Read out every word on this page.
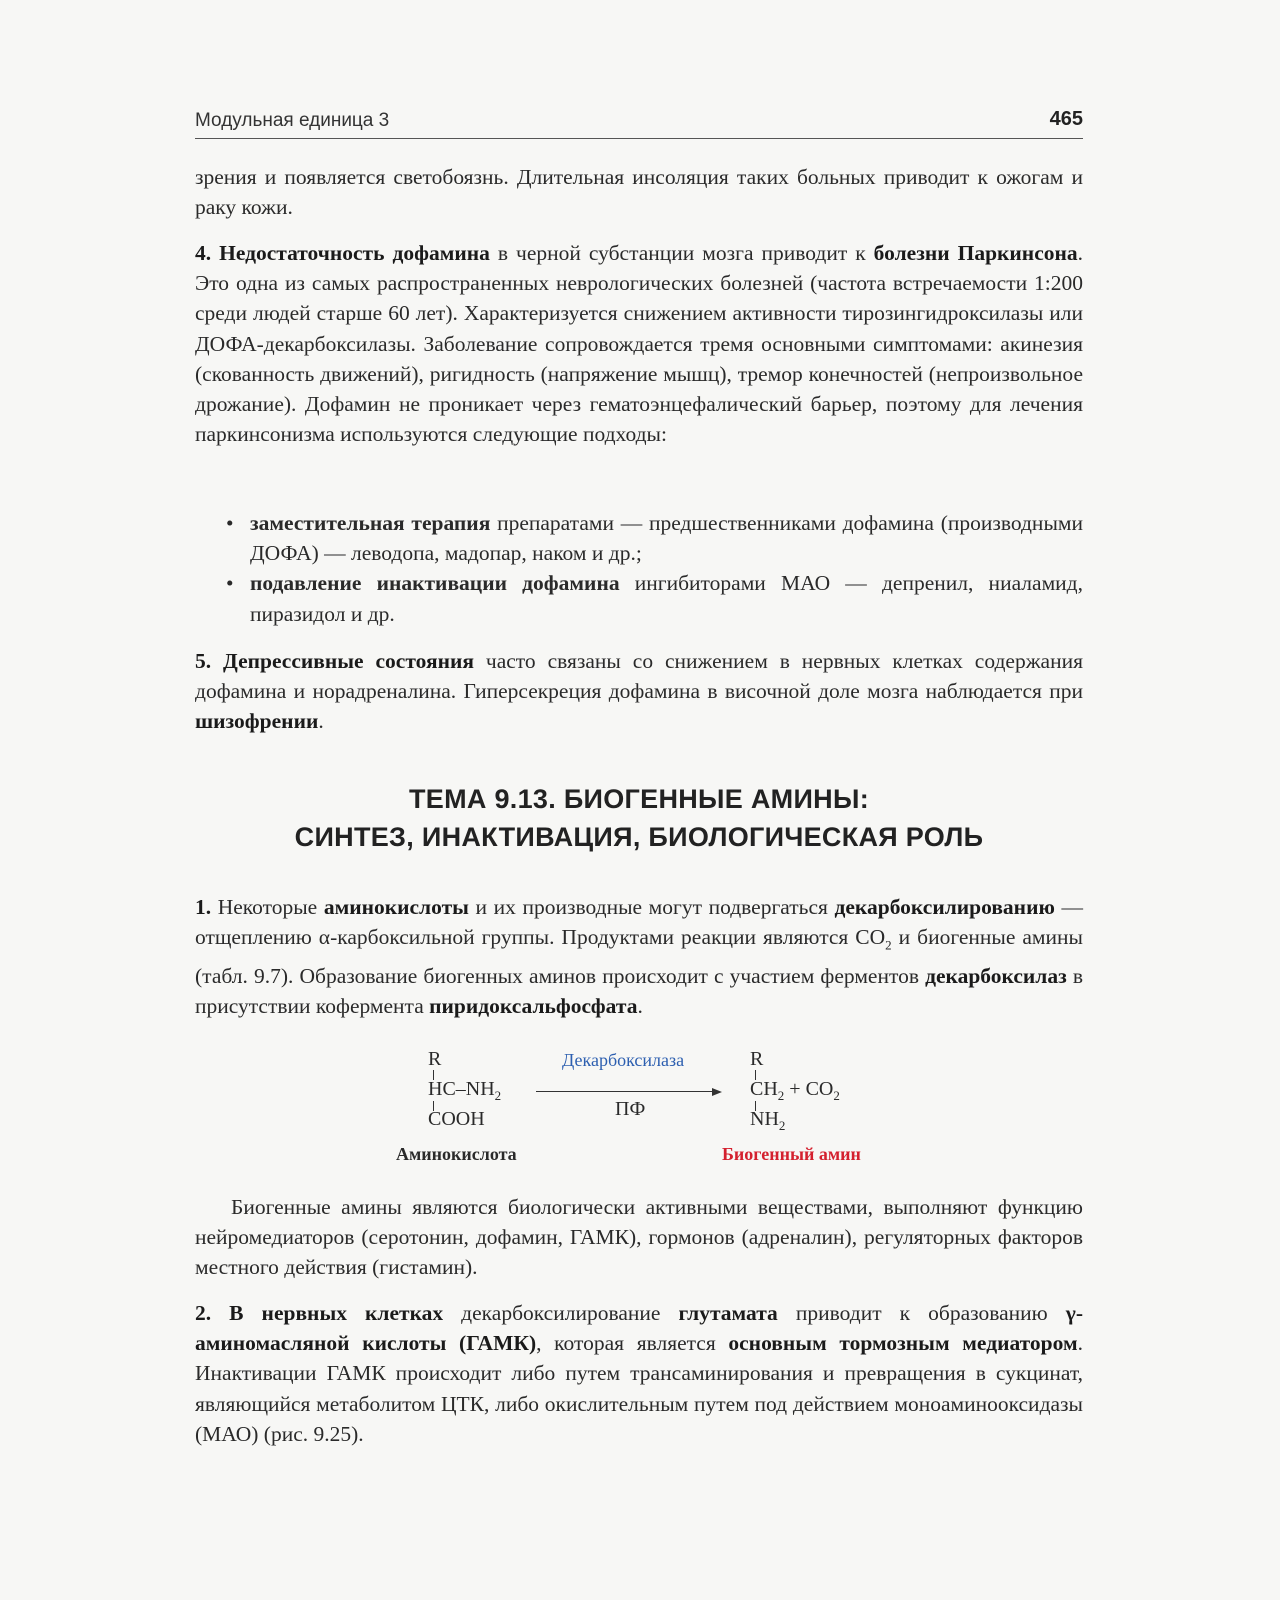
Модульная единица 3	465

зрения и появляется светобоязнь. Длительная инсоляция таких больных приводит к ожогам и раку кожи.

4. Недостаточность дофамина в черной субстанции мозга приводит к болезни Паркинсона. Это одна из самых распространенных неврологических болезней (частота встречаемости 1:200 среди людей старше 60 лет). Характеризуется снижением активности тирозингидроксилазы или ДОФА-декарбоксилазы. Заболевание сопровождается тремя основными симптомами: акинезия (скованность движений), ригидность (напряжение мышц), тремор конечностей (непроизвольное дрожание). Дофамин не проникает через гематоэнцефалический барьер, поэтому для лечения паркинсонизма используются следующие подходы:

• заместительная терапия препаратами — предшественниками дофамина (производными ДОФА) — леводопа, мадопар, наком и др.;
• подавление инактивации дофамина ингибиторами МАО — депренил, ниаламид, пиразидол и др.

5. Депрессивные состояния часто связаны со снижением в нервных клетках содержания дофамина и норадреналина. Гиперсекреция дофамина в височной доле мозга наблюдается при шизофрении.

ТЕМА 9.13. БИОГЕННЫЕ АМИНЫ:
СИНТЕЗ, ИНАКТИВАЦИЯ, БИОЛОГИЧЕСКАЯ РОЛЬ

1. Некоторые аминокислоты и их производные могут подвергаться декарбоксилированию — отщеплению α-карбоксильной группы. Продуктами реакции являются $CO_2$ и биогенные амины (табл. 9.7). Образование биогенных аминов происходит с участием ферментов декарбоксилаз в присутствии кофермента пиридоксальфосфата.

R
$HC-NH_2$
COOH
Аминокислота
Декарбоксилаза
ПФ
R
$CH_2 + CO_2$
$NH_2$
Биогенный амин

Биогенные амины являются биологически активными веществами, выполняют функцию нейромедиаторов (серотонин, дофамин, ГАМК), гормонов (адреналин), регуляторных факторов местного действия (гистамин).

2. В нервных клетках декарбоксилирование глутамата приводит к образованию γ-аминомасляной кислоты (ГАМК), которая является основным тормозным медиатором. Инактивации ГАМК происходит либо путем трансаминирования и превращения в сукцинат, являющийся метаболитом ЦТК, либо окислительным путем под действием моноаминооксидазы (МАО) (рис. 9.25).
